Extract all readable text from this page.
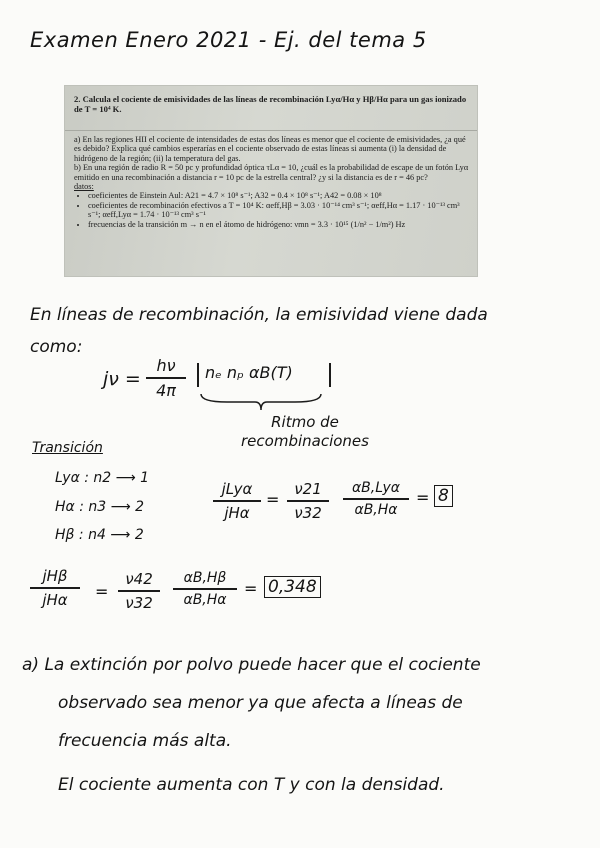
Examen Enero 2021 - Ej. del tema 5
2. Calcula el cociente de emisividades de las líneas de recombinación Lyα/Hα y Hβ/Hα para un gas ionizado de T = 10⁴ K.

a) En las regiones HII el cociente de intensidades de estas dos líneas es menor que el cociente de emisividades, ¿a qué es debido? Explica qué cambios esperarías en el cociente observado de estas líneas si aumenta (i) la densidad de hidrógeno de la región; (ii) la temperatura del gas.

b) En una región de radio R = 50 pc y profundidad óptica τLα = 10, ¿cuál es la probabilidad de escape de un fotón Lyα emitido en una recombinación a distancia r = 10 pc de la estrella central? ¿y si la distancia es de r = 46 pc?

datos:

• coeficientes de Einstein Aul: A21 = 4.7 × 10⁸ s⁻¹; A32 = 0.4 × 10⁸ s⁻¹; A42 = 0.08 × 10⁸
• coeficientes de recombinación efectivos a T = 10⁴ K: αeff,Hβ = 3.03 · 10⁻¹⁴ cm³ s⁻¹; αeff,Hα = 1.17 · 10⁻¹³ cm³ s⁻¹; αeff,Lyα = 1.74 · 10⁻¹³ cm³ s⁻¹
• frecuencias de la transición m → n en el átomo de hidrógeno: νmn = 3.3 · 10¹⁵ (1/n² − 1/m²) Hz
En líneas de recombinación, la emisividad viene dada
como:
jν =
hν
4π
nₑ nₚ αB(T)
Ritmo de recombinaciones
Transición
Lyα : n2 ⟶ 1
Hα : n3 ⟶ 2
Hβ : n4 ⟶ 2
jLyα
jHα
=
ν21
ν32
αB,Lyα
αB,Hα
= 8
jHβ
jHα	=
ν42
ν32
αB,Hβ
αB,Hα
= 0,348
a) La extinción por polvo puede hacer que el cociente
observado sea menor ya que afecta a líneas de
frecuencia más alta.
El cociente aumenta con T y con la densidad.
